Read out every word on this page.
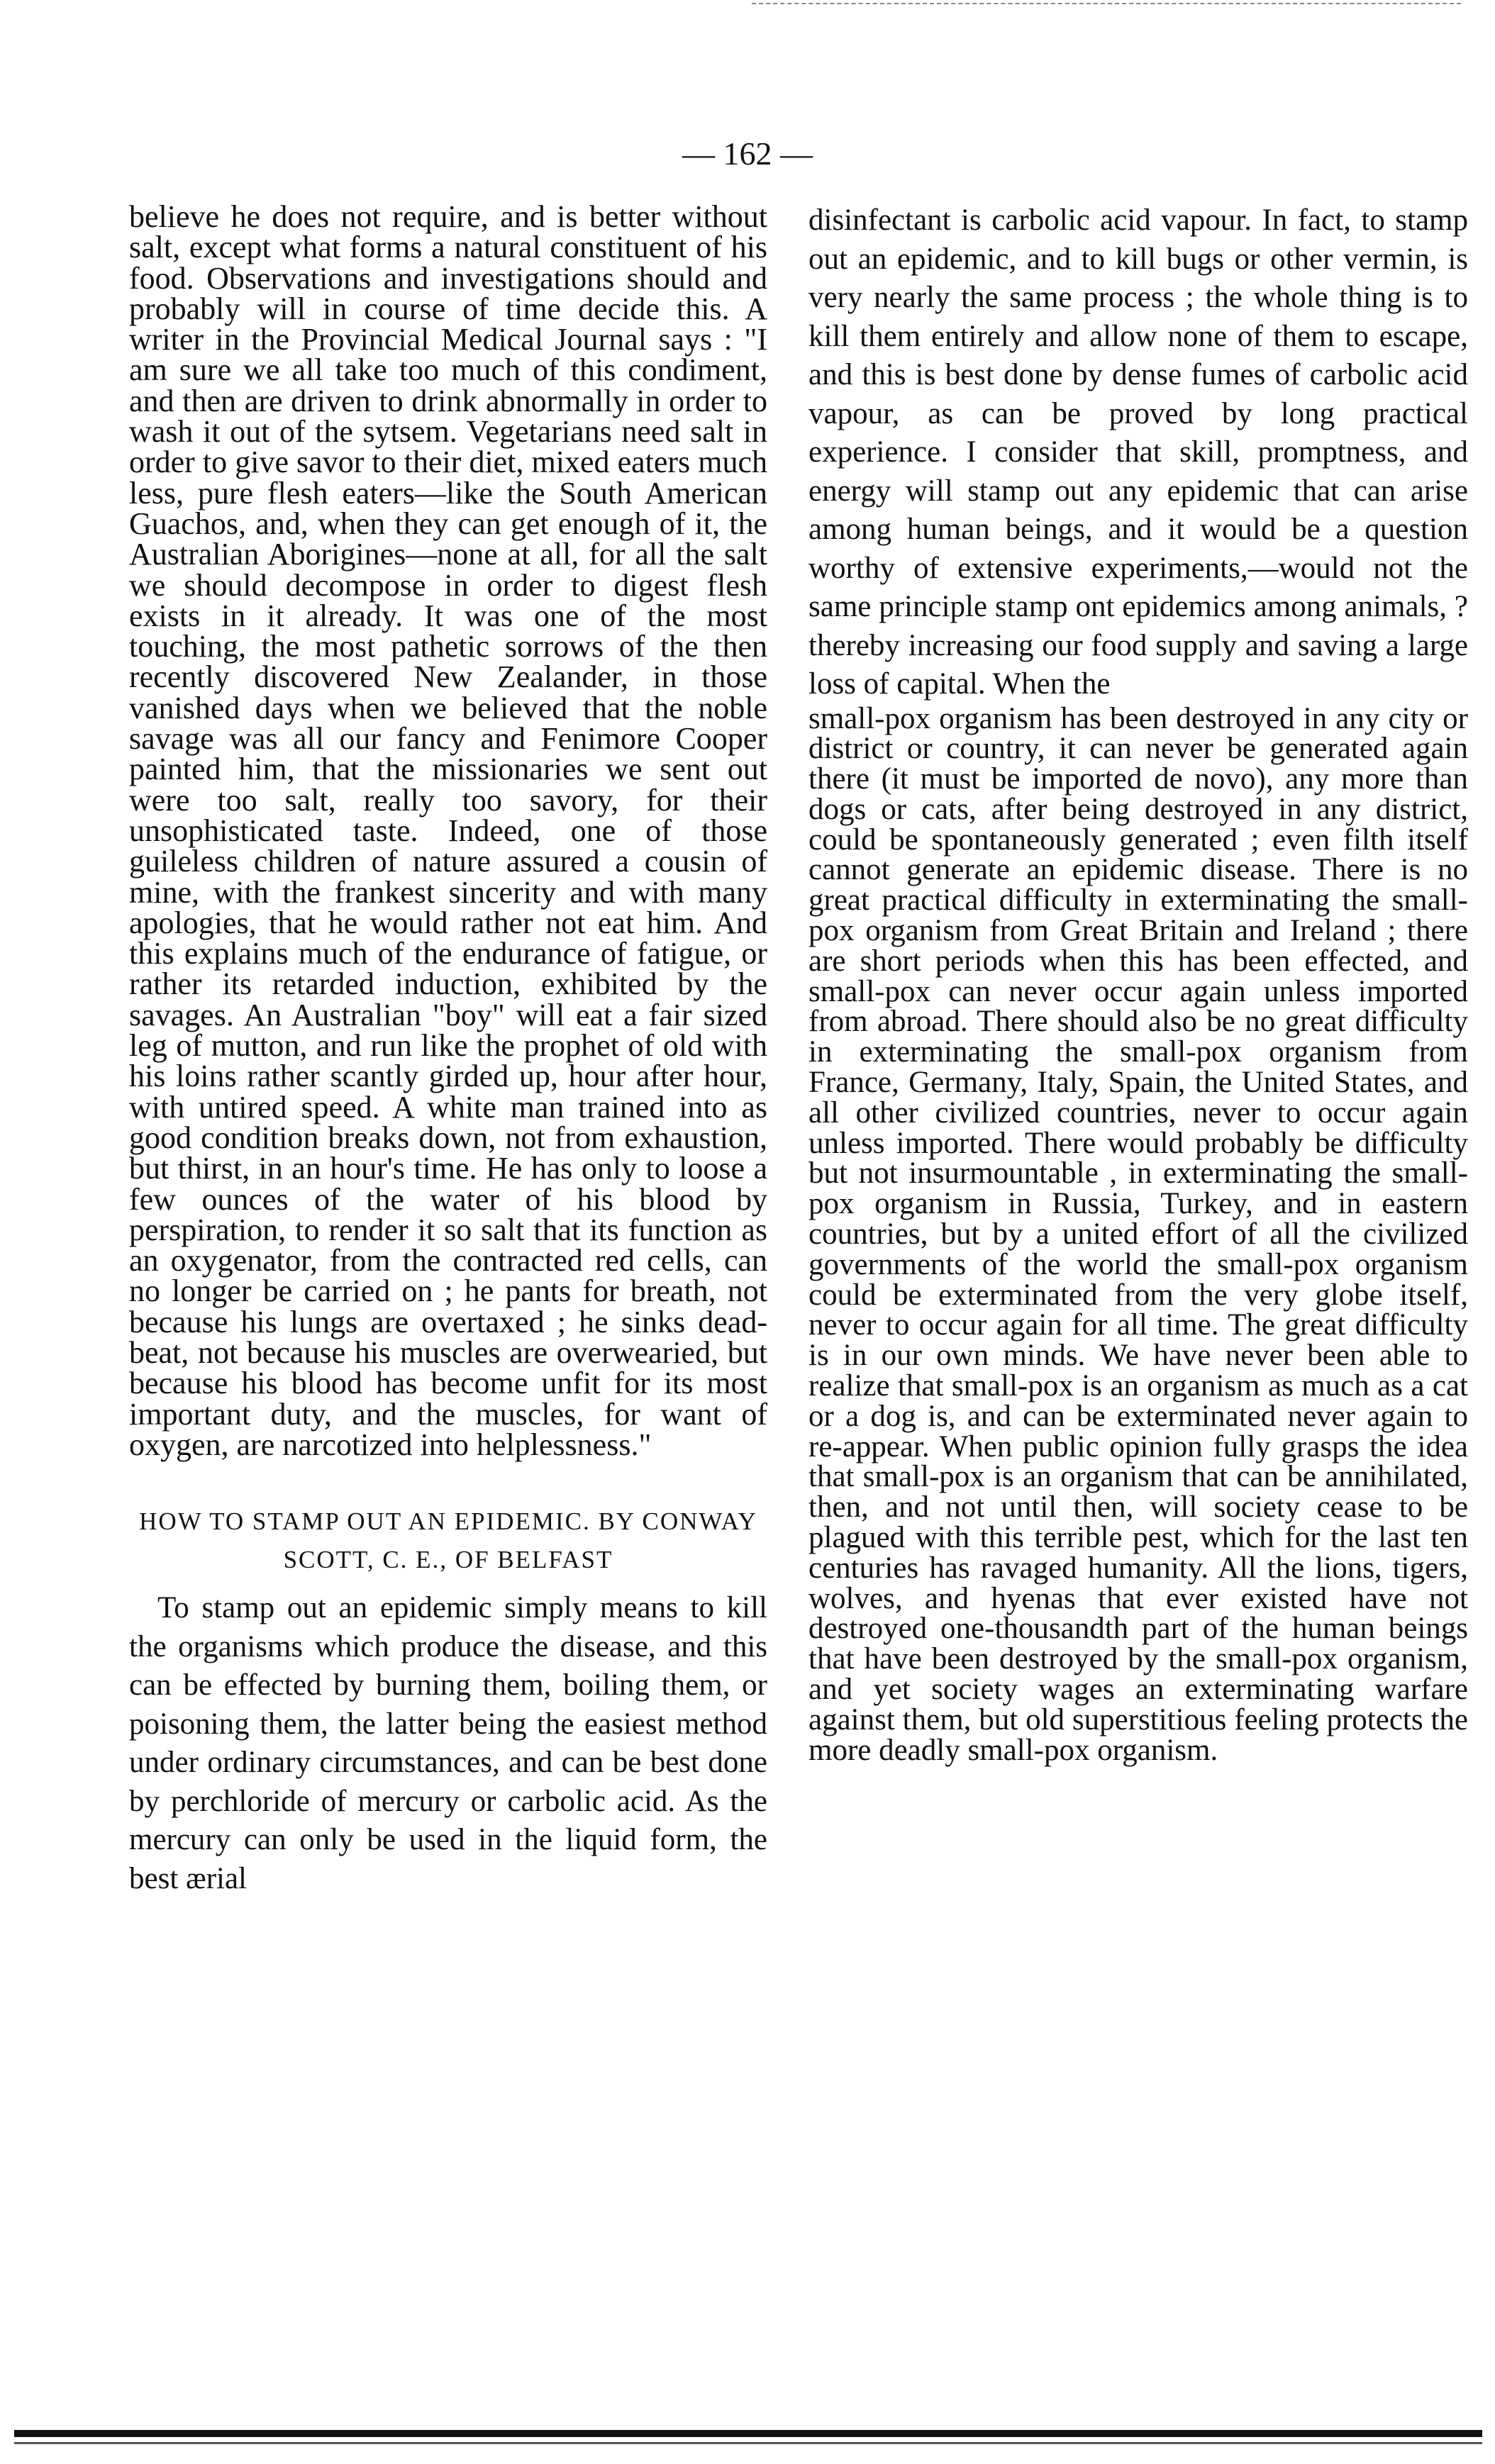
— 162 —

believe he does not require, and is better without salt, except what forms a natural constituent of his food. Observations and investigations should and probably will in course of time decide this. A writer in the Provincial Medical Journal says : "I am sure we all take too much of this condiment, and then are driven to drink abnormally in order to wash it out of the sytsem. Vegetarians need salt in order to give savor to their diet, mixed eaters much less, pure flesh eaters—like the South American Guachos, and, when they can get enough of it, the Australian Aborigines—none at all, for all the salt we should decompose in order to digest flesh exists in it already. It was one of the most touching, the most pathetic sorrows of the then recently discovered New Zealander, in those vanished days when we believed that the noble savage was all our fancy and Fenimore Cooper painted him, that the missionaries we sent out were too salt, really too savory, for their unsophisticated taste. Indeed, one of those guileless children of nature assured a cousin of mine, with the frankest sincerity and with many apologies, that he would rather not eat him. And this explains much of the endurance of fatigue, or rather its retarded induction, exhibited by the savages. An Australian "boy" will eat a fair sized leg of mutton, and run like the prophet of old with his loins rather scantly girded up, hour after hour, with untired speed. A white man trained into as good condition breaks down, not from exhaustion, but thirst, in an hour's time. He has only to loose a few ounces of the water of his blood by perspiration, to render it so salt that its function as an oxygenator, from the contracted red cells, can no longer be carried on ; he pants for breath, not because his lungs are overtaxed ; he sinks dead-beat, not because his muscles are overwearied, but because his blood has become unfit for its most important duty, and the muscles, for want of oxygen, are narcotized into helplessness."

HOW TO STAMP OUT AN EPIDEMIC. BY CONWAY SCOTT, C. E., OF BELFAST

To stamp out an epidemic simply means to kill the organisms which produce the disease, and this can be effected by burning them, boiling them, or poisoning them, the latter being the easiest method under ordinary circumstances, and can be best done by perchloride of mercury or carbolic acid. As the mercury can only be used in the liquid form, the best ærial

disinfectant is carbolic acid vapour. In fact, to stamp out an epidemic, and to kill bugs or other vermin, is very nearly the same process ; the whole thing is to kill them entirely and allow none of them to escape, and this is best done by dense fumes of carbolic acid vapour, as can be proved by long practical experience. I consider that skill, promptness, and energy will stamp out any epidemic that can arise among human beings, and it would be a question worthy of extensive experiments,—would not the same principle stamp ont epidemics among animals, ? thereby increasing our food supply and saving a large loss of capital. When the

small-pox organism has been destroyed in any city or district or country, it can never be generated again there (it must be imported de novo), any more than dogs or cats, after being destroyed in any district, could be spontaneously generated ; even filth itself cannot generate an epidemic disease. There is no great practical difficulty in exterminating the small-pox organism from Great Britain and Ireland ; there are short periods when this has been effected, and small-pox can never occur again unless imported from abroad. There should also be no great difficulty in exterminating the small-pox organism from France, Germany, Italy, Spain, the United States, and all other civilized countries, never to occur again unless imported. There would probably be difficulty but not insurmountable , in exterminating the small-pox organism in Russia, Turkey, and in eastern countries, but by a united effort of all the civilized governments of the world the small-pox organism could be exterminated from the very globe itself, never to occur again for all time. The great difficulty is in our own minds. We have never been able to realize that small-pox is an organism as much as a cat or a dog is, and can be exterminated never again to re-appear. When public opinion fully grasps the idea that small-pox is an organism that can be annihilated, then, and not until then, will society cease to be plagued with this terrible pest, which for the last ten centuries has ravaged humanity. All the lions, tigers, wolves, and hyenas that ever existed have not destroyed one-thousandth part of the human beings that have been destroyed by the small-pox organism, and yet society wages an exterminating warfare against them, but old superstitious feeling protects the more deadly small-pox organism.
